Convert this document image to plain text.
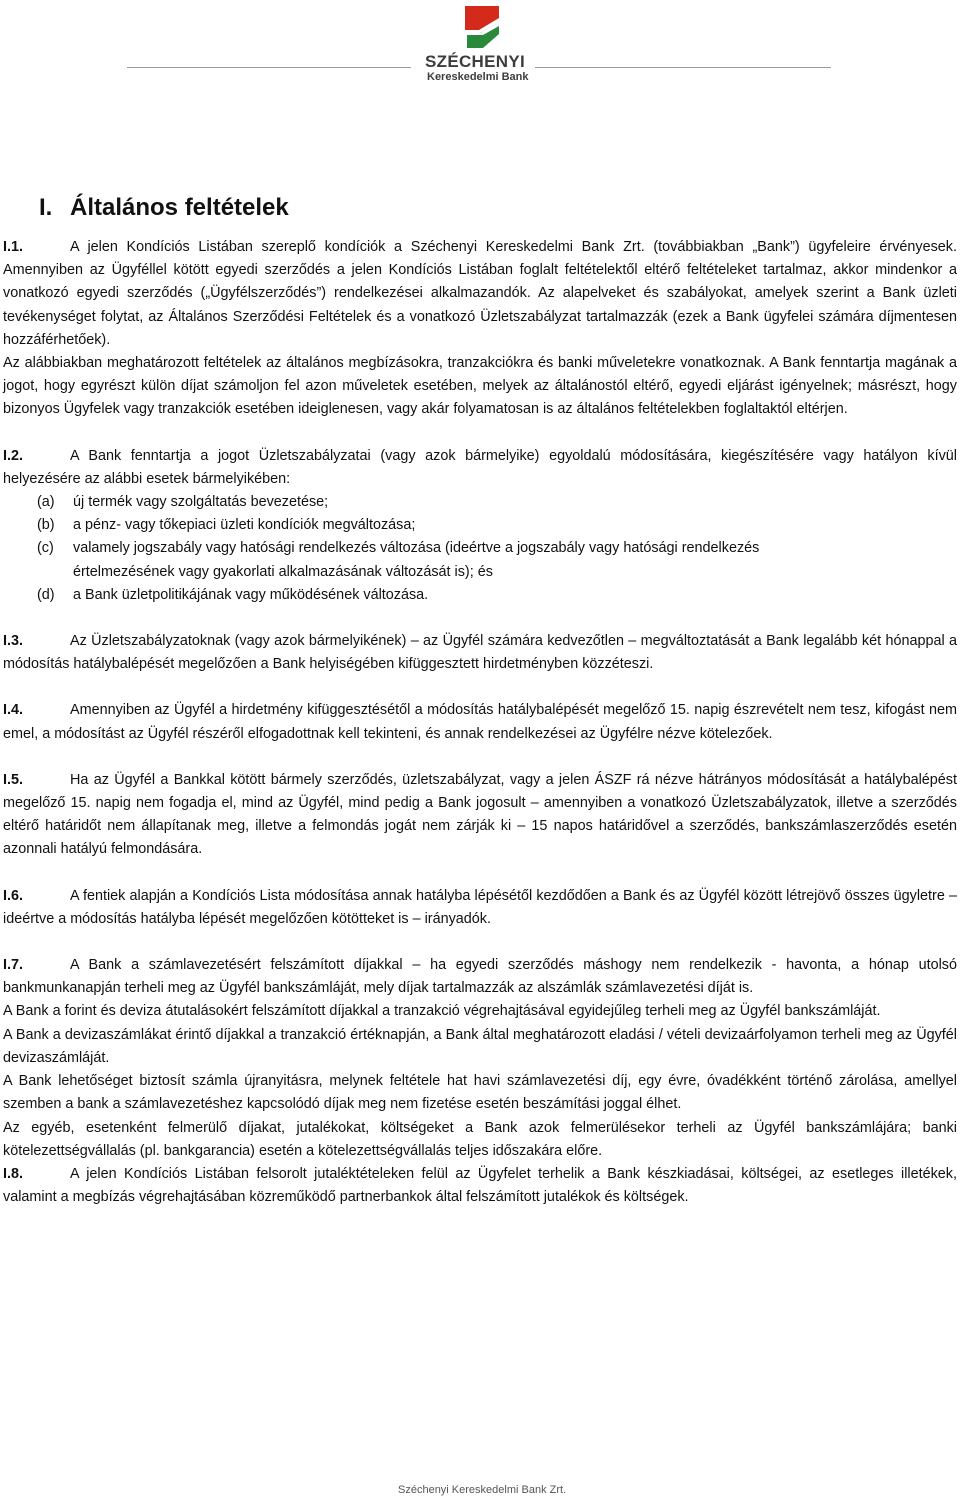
SZÉCHENYI
Kereskedelmi Bank
I. Általános feltételek

I.1.	A jelen Kondíciós Listában szereplő kondíciók a Széchenyi Kereskedelmi Bank Zrt. (továbbiakban „Bank”) ügyfeleire érvényesek. Amennyiben az Ügyféllel kötött egyedi szerződés a jelen Kondíciós Listában foglalt feltételektől eltérő feltételeket tartalmaz, akkor mindenkor a vonatkozó egyedi szerződés („Ügyfélszerződés”) rendelkezései alkalmazandók. Az alapelveket és szabályokat, amelyek szerint a Bank üzleti tevékenységet folytat, az Általános Szerződési Feltételek és a vonatkozó Üzletszabályzat tartalmazzák (ezek a Bank ügyfelei számára díjmentesen hozzáférhetőek).

Az alábbiakban meghatározott feltételek az általános megbízásokra, tranzakciókra és banki műveletekre vonatkoznak. A Bank fenntartja magának a jogot, hogy egyrészt külön díjat számoljon fel azon műveletek esetében, melyek az általánostól eltérő, egyedi eljárást igényelnek; másrészt, hogy bizonyos Ügyfelek vagy tranzakciók esetében ideiglenesen, vagy akár folyamatosan is az általános feltételekben foglaltaktól eltérjen.

I.2.	A Bank fenntartja a jogot Üzletszabályzatai (vagy azok bármelyike) egyoldalú módosítására, kiegészítésére vagy hatályon kívül helyezésére az alábbi esetek bármelyikében:

(a) új termék vagy szolgáltatás bevezetése;

(b) a pénz- vagy tőkepiaci üzleti kondíciók megváltozása;

(c) valamely jogszabály vagy hatósági rendelkezés változása (ideértve a jogszabály vagy hatósági rendelkezés

értelmezésének vagy gyakorlati alkalmazásának változását is); és

(d) a Bank üzletpolitikájának vagy működésének változása.

I.3.	Az Üzletszabályzatoknak (vagy azok bármelyikének) – az Ügyfél számára kedvezőtlen – megváltoztatását a Bank legalább két hónappal a módosítás hatálybalépését megelőzően a Bank helyiségében kifüggesztett hirdetményben közzéteszi.

I.4.	Amennyiben az Ügyfél a hirdetmény kifüggesztésétől a módosítás hatálybalépését megelőző 15. napig észrevételt nem tesz, kifogást nem emel, a módosítást az Ügyfél részéről elfogadottnak kell tekinteni, és annak rendelkezései az Ügyfélre nézve kötelezőek.

I.5.	Ha az Ügyfél a Bankkal kötött bármely szerződés, üzletszabályzat, vagy a jelen ÁSZF rá nézve hátrányos módosítását a hatálybalépést megelőző 15. napig nem fogadja el, mind az Ügyfél, mind pedig a Bank jogosult – amennyiben a vonatkozó Üzletszabályzatok, illetve a szerződés eltérő határidőt nem állapítanak meg, illetve a felmondás jogát nem zárják ki – 15 napos határidővel a szerződés, bankszámlaszerződés esetén azonnali hatályú felmondására.

I.6.	A fentiek alapján a Kondíciós Lista módosítása annak hatályba lépésétől kezdődően a Bank és az Ügyfél között létrejövő összes ügyletre – ideértve a módosítás hatályba lépését megelőzően kötötteket is – irányadók.

I.7.	A Bank a számlavezetésért felszámított díjakkal – ha egyedi szerződés máshogy nem rendelkezik - havonta, a hónap utolsó bankmunkanapján terheli meg az Ügyfél bankszámláját, mely díjak tartalmazzák az alszámlák számlavezetési díját is.

A Bank a forint és deviza átutalásokért felszámított díjakkal a tranzakció végrehajtásával egyidejűleg terheli meg az Ügyfél bankszámláját.

A Bank a devizaszámlákat érintő díjakkal a tranzakció értéknapján, a Bank által meghatározott eladási / vételi devizaárfolyamon terheli meg az Ügyfél devizaszámláját.

A Bank lehetőséget biztosít számla újranyitásra, melynek feltétele hat havi számlavezetési díj, egy évre, óvadékként történő zárolása, amellyel szemben a bank a számlavezetéshez kapcsolódó díjak meg nem fizetése esetén beszámítási joggal élhet.

Az egyéb, esetenként felmerülő díjakat, jutalékokat, költségeket a Bank azok felmerülésekor terheli az Ügyfél bankszámlájára; banki kötelezettségvállalás (pl. bankgarancia) esetén a kötelezettségvállalás teljes időszakára előre.

I.8.	A jelen Kondíciós Listában felsorolt jutaléktételeken felül az Ügyfelet terhelik a Bank készkiadásai, költségei, az esetleges illetékek, valamint a megbízás végrehajtásában közreműködő partnerbankok által felszámított jutalékok és költségek.

Széchenyi Kereskedelmi Bank Zrt.
